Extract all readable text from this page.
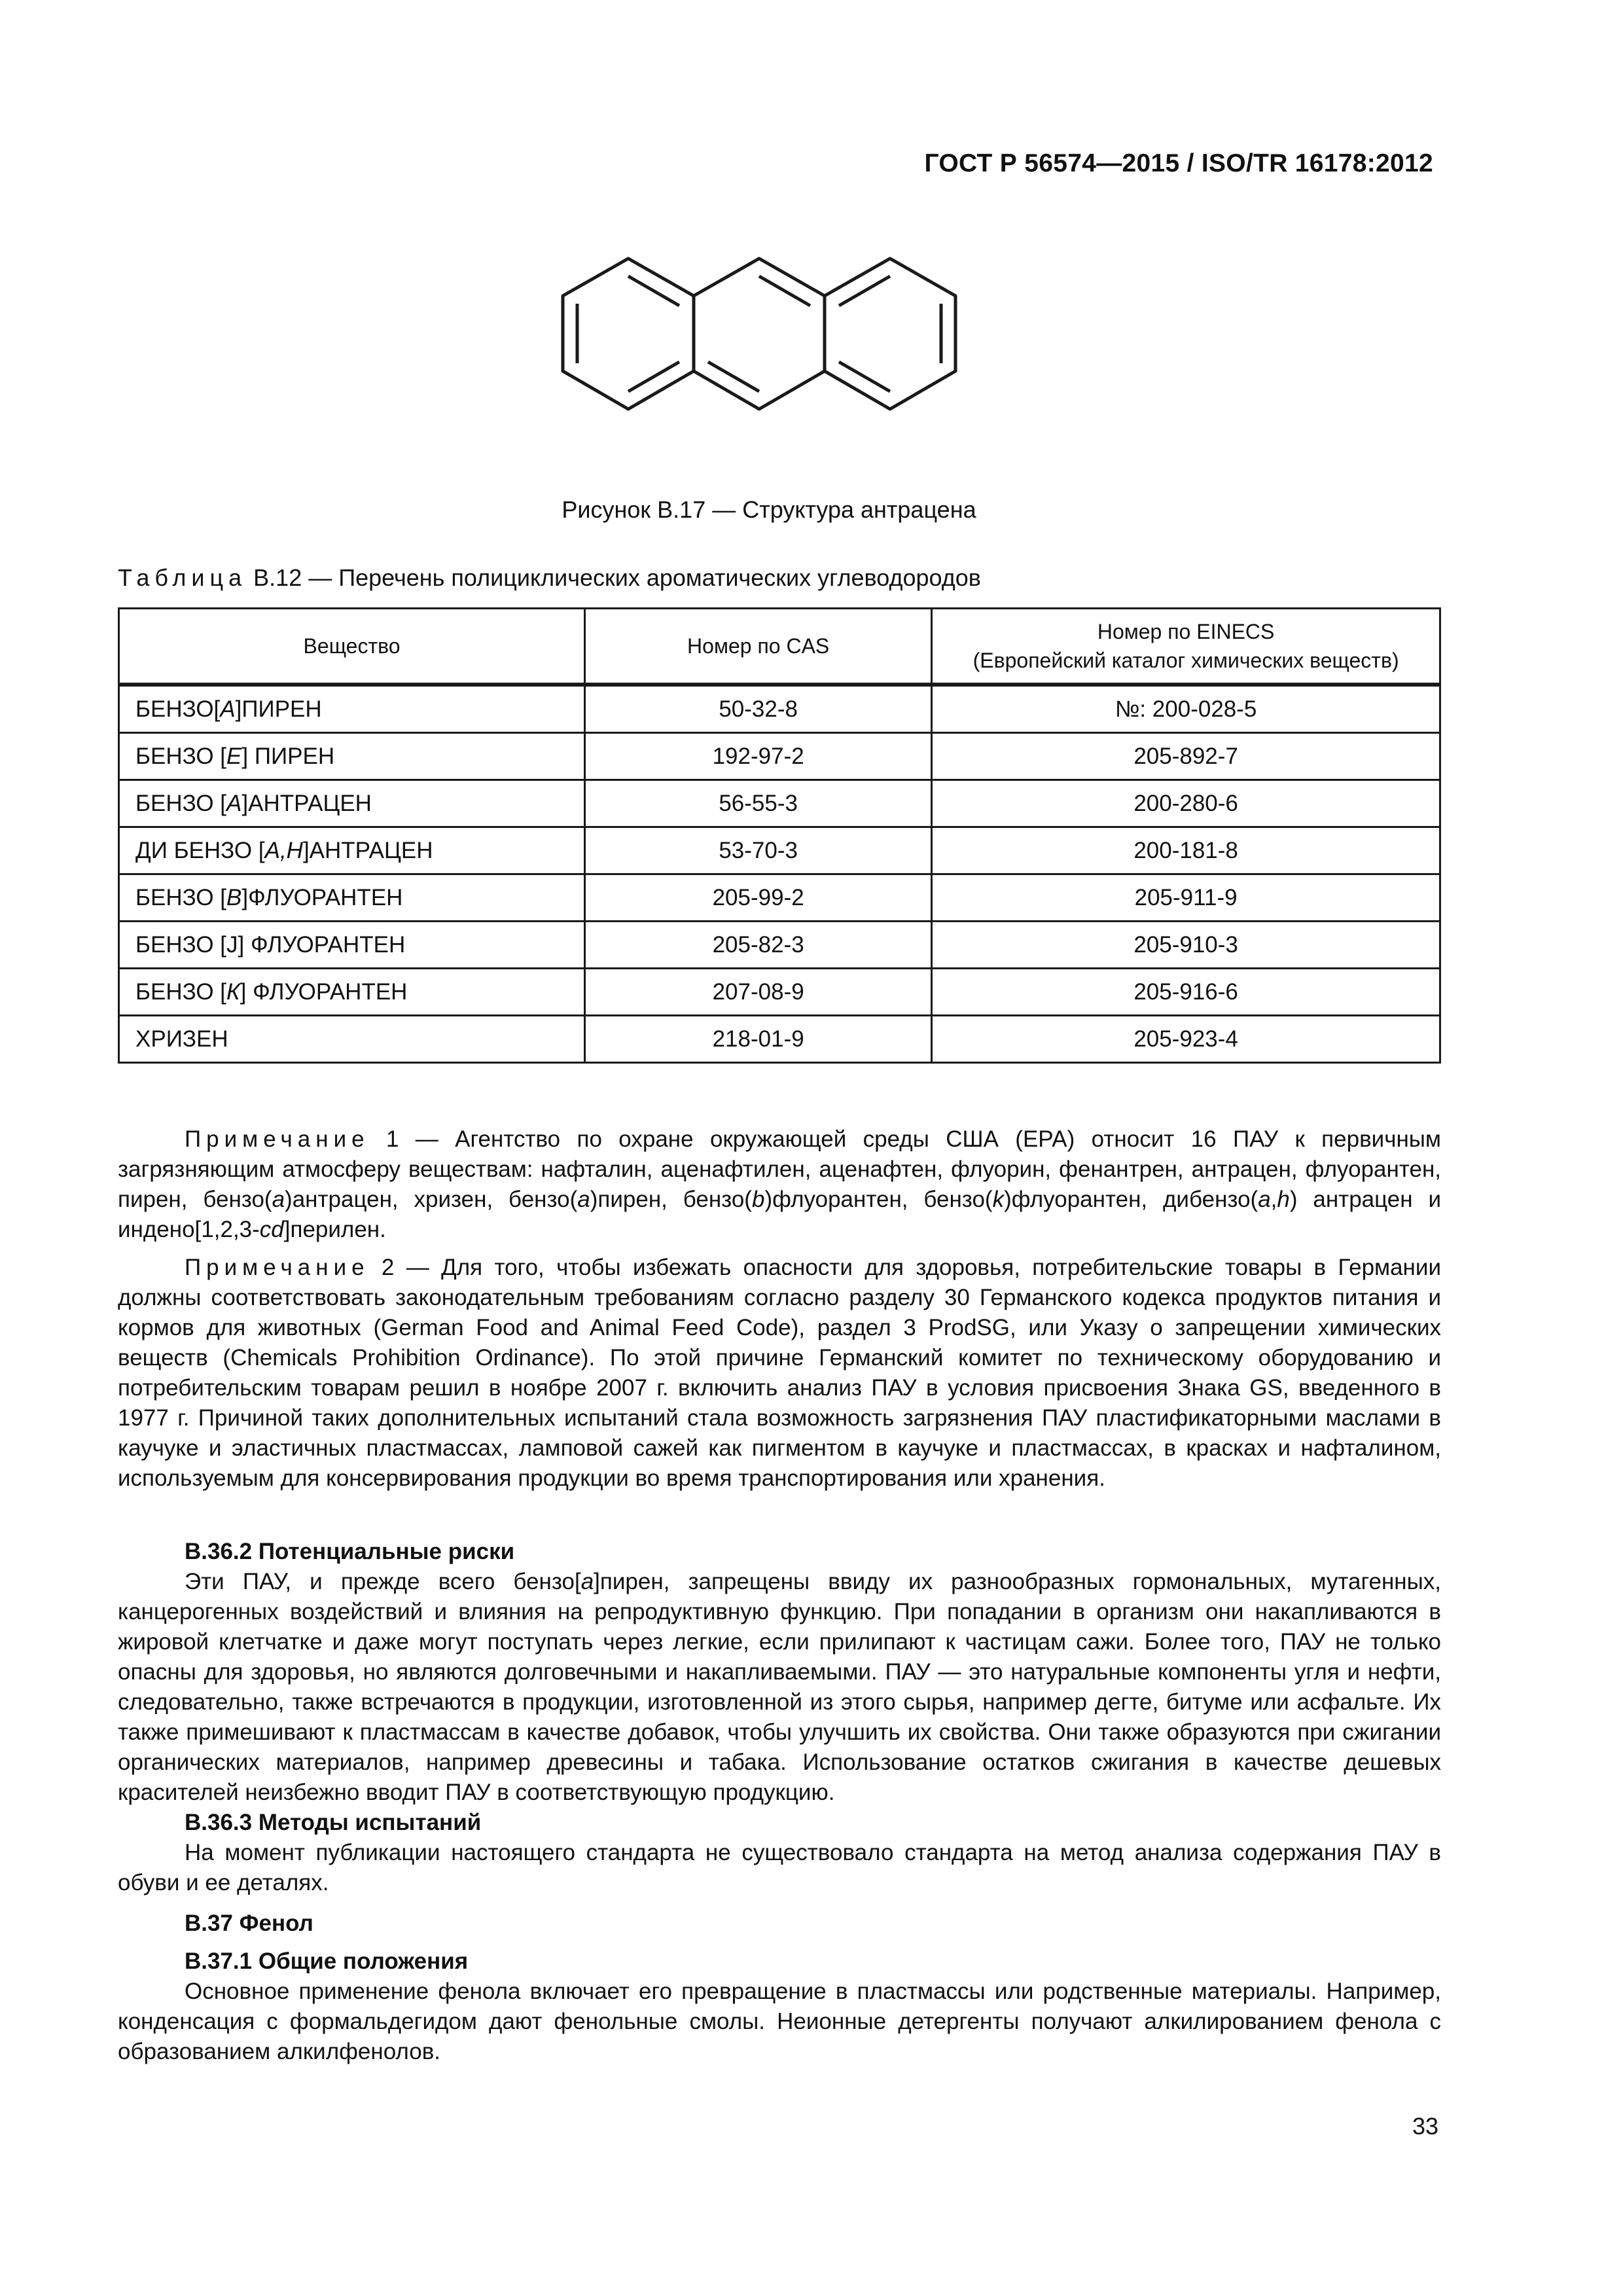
ГОСТ Р 56574—2015 / ISO/TR 16178:2012
Рисунок В.17 — Структура антрацена
Таблица В.12 — Перечень полициклических ароматических углеводородов
Вещество	Номер по CAS	Номер по EINECS
(Европейский каталог химических веществ)

БЕНЗО[А]ПИРЕН	50-32-8	№: 200-028-5
БЕНЗО [Е] ПИРЕН	192-97-2	205-892-7
БЕНЗО [А]АНТРАЦЕН	56-55-3	200-280-6
ДИ БЕНЗО [А,Н]АНТРАЦЕН	53-70-3	200-181-8
БЕНЗО [В]ФЛУОРАНТЕН	205-99-2	205-911-9
БЕНЗО [J] ФЛУОРАНТЕН	205-82-3	205-910-3
БЕНЗО [К] ФЛУОРАНТЕН	207-08-9	205-916-6
ХРИЗЕН	218-01-9	205-923-4

Примечание 1 — Агентство по охране окружающей среды США (ЕРА) относит 16 ПАУ к первичным загрязняющим атмосферу веществам: нафталин, аценафтилен, аценафтен, флуорин, фенантрен, антрацен, флуорантен, пирен, бензо(а)антрацен, хризен, бензо(а)пирен, бензо(b)флуорантен, бензо(k)флуорантен, дибензо(a,h) антрацен и индено[1,2,3-cd]перилен.

Примечание 2 — Для того, чтобы избежать опасности для здоровья, потребительские товары в Германии должны соответствовать законодательным требованиям согласно разделу 30 Германского кодекса продуктов питания и кормов для животных (German Food and Animal Feed Code), раздел 3 ProdSG, или Указу о запрещении химических веществ (Chemicals Prohibition Ordinance). По этой причине Германский комитет по техническому оборудованию и потребительским товарам решил в ноябре 2007 г. включить анализ ПАУ в условия присвоения Знака GS, введенного в 1977 г. Причиной таких дополнительных испытаний стала возможность загрязнения ПАУ пластификаторными маслами в каучуке и эластичных пластмассах, ламповой сажей как пигментом в каучуке и пластмассах, в красках и нафталином, используемым для консервирования продукции во время транспортирования или хранения.

В.36.2 Потенциальные риски

Эти ПАУ, и прежде всего бензо[а]пирен, запрещены ввиду их разнообразных гормональных, мутагенных, канцерогенных воздействий и влияния на репродуктивную функцию. При попадании в организм они накапливаются в жировой клетчатке и даже могут поступать через легкие, если прилипают к частицам сажи. Более того, ПАУ не только опасны для здоровья, но являются долговечными и накапливаемыми. ПАУ — это натуральные компоненты угля и нефти, следовательно, также встречаются в продукции, изготовленной из этого сырья, например дегте, битуме или асфальте. Их также примешивают к пластмассам в качестве добавок, чтобы улучшить их свойства. Они также образуются при сжигании органических материалов, например древесины и табака. Использование остатков сжигания в качестве дешевых красителей неизбежно вводит ПАУ в соответствующую продукцию.

В.36.3 Методы испытаний

На момент публикации настоящего стандарта не существовало стандарта на метод анализа содержания ПАУ в обуви и ее деталях.

В.37 Фенол

В.37.1 Общие положения

Основное применение фенола включает его превращение в пластмассы или родственные материалы. Например, конденсация с формальдегидом дают фенольные смолы. Неионные детергенты получают алкилированием фенола с образованием алкилфенолов.

33
